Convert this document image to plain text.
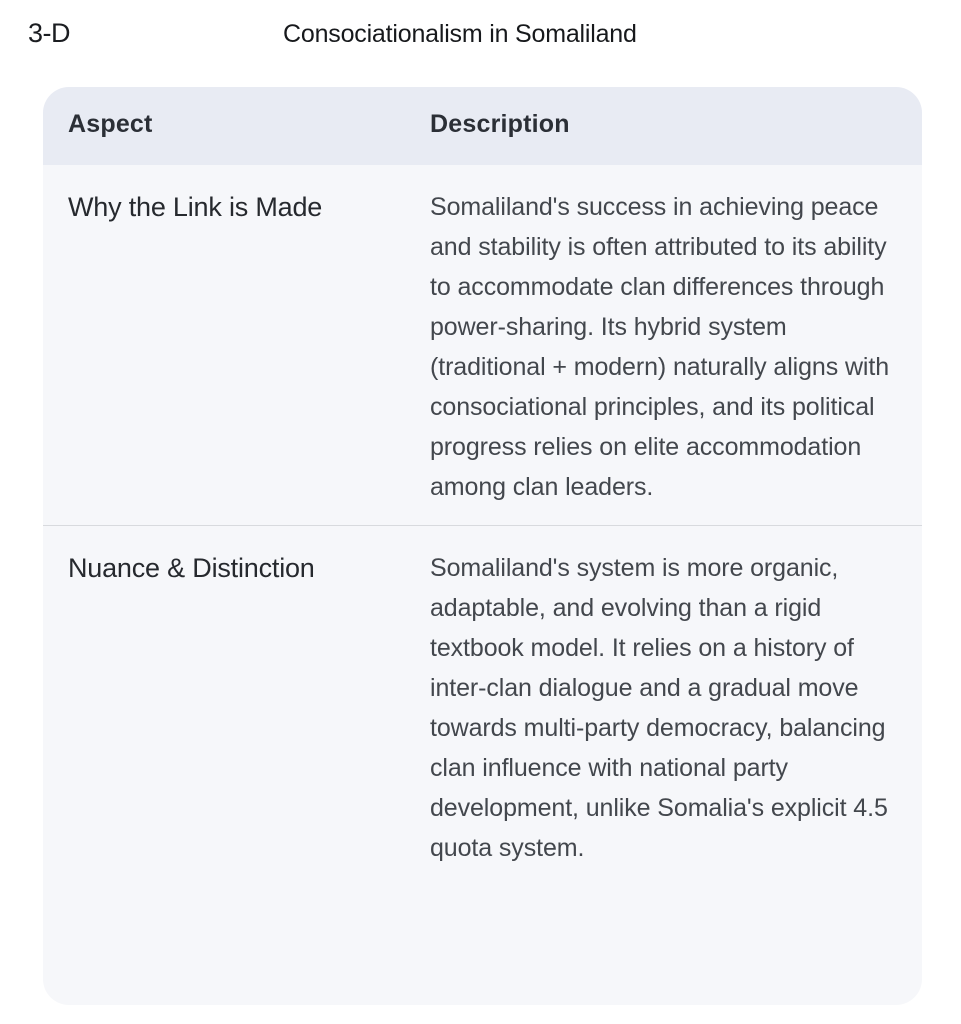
3-D	Consociationalism in Somaliland
Aspect	Description
Why the Link is Made	Somaliland's success in achieving peace and stability is often attributed to its ability to accommodate clan differences through power-sharing. Its hybrid system (traditional + modern) naturally aligns with consociational principles, and its political progress relies on elite accommodation among clan leaders.
Nuance & Distinction	Somaliland's system is more organic, adaptable, and evolving than a rigid textbook model. It relies on a history of inter-clan dialogue and a gradual move towards multi-party democracy, balancing clan influence with national party development, unlike Somalia's explicit 4.5 quota system.
